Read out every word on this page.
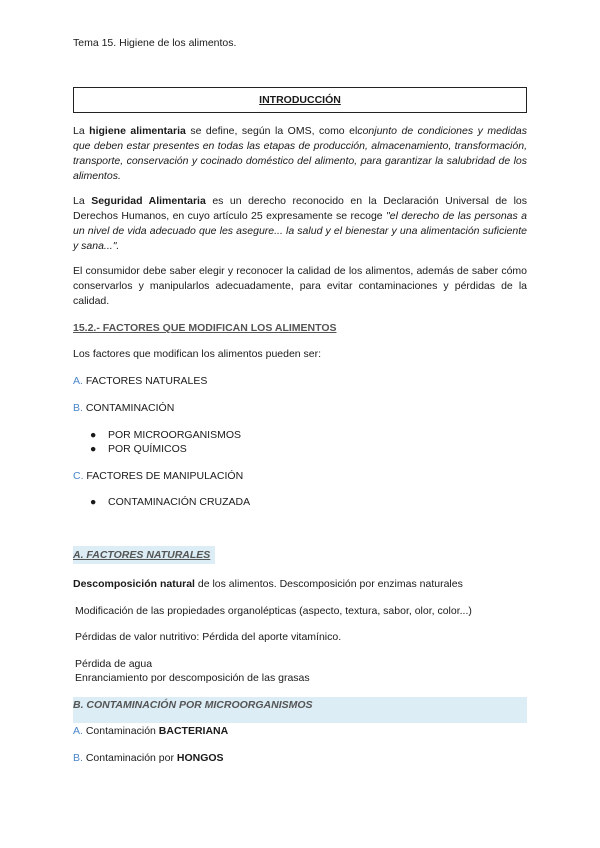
Tema 15. Higiene de los alimentos.
INTRODUCCIÓN
La higiene alimentaria se define, según la OMS, como elconjunto de condiciones y medidas que deben estar presentes en todas las etapas de producción, almacenamiento, transformación, transporte, conservación y cocinado doméstico del alimento, para garantizar la salubridad de los alimentos.
La Seguridad Alimentaria es un derecho reconocido en la Declaración Universal de los Derechos Humanos, en cuyo artículo 25 expresamente se recoge "el derecho de las personas a un nivel de vida adecuado que les asegure... la salud y el bienestar y una alimentación suficiente y sana...".
El consumidor debe saber elegir y reconocer la calidad de los alimentos, además de saber cómo conservarlos y manipularlos adecuadamente, para evitar contaminaciones y pérdidas de la calidad.
15.2.- FACTORES QUE MODIFICAN LOS ALIMENTOS
Los factores que modifican los alimentos pueden ser:
A. FACTORES NATURALES
B. CONTAMINACIÓN
● POR MICROORGANISMOS
● POR QUÍMICOS
C. FACTORES DE MANIPULACIÓN
● CONTAMINACIÓN CRUZADA
A. FACTORES NATURALES
Descomposición natural de los alimentos. Descomposición por enzimas naturales
Modificación de las propiedades organolépticas (aspecto, textura, sabor, olor, color...)
Pérdidas de valor nutritivo: Pérdida del aporte vitamínico.
Pérdida de agua
Enranciamiento por descomposición de las grasas
B. CONTAMINACIÓN POR MICROORGANISMOS
A. Contaminación BACTERIANA
B. Contaminación por HONGOS
